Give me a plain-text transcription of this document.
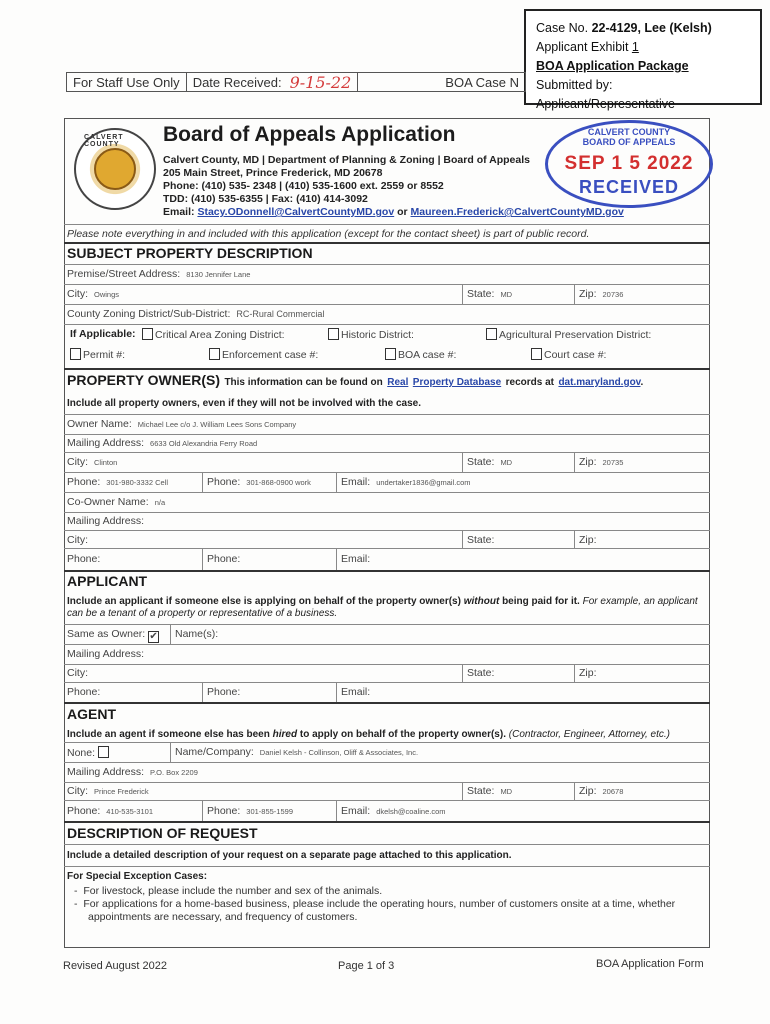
Case No. 22-4129, Lee (Kelsh)
Applicant Exhibit 1
BOA Application Package
Submitted by: Applicant/Representative
For Staff Use Only	Date Received: 9-15-22	BOA Case N
CALVERT COUNTY	Board of Appeals Application
Calvert County, MD | Department of Planning & Zoning | Board of Appeals
205 Main Street, Prince Frederick, MD 20678
Phone: (410) 535- 2348 | (410) 535-1600 ext. 2559 or 8552
TDD: (410) 535-6355 | Fax: (410) 414-3092
Email: Stacy.ODonnell@CalvertCountyMD.gov or Maureen.Frederick@CalvertCountyMD.gov
CALVERT COUNTY
BOARD OF APPEALS
SEP 1 5 2022
RECEIVED
Please note everything in and included with this application (except for the contact sheet) is part of public record.
SUBJECT PROPERTY DESCRIPTION
Premise/Street Address: 8130 Jennifer Lane
City: Owings	State: MD	Zip: 20736
County Zoning District/Sub-District: RC-Rural Commercial
If Applicable:	Critical Area Zoning District:	Historic District:	Agricultural Preservation District:
Permit #:	Enforcement case #:	BOA case #:	Court case #:
PROPERTY OWNER(S) This information can be found on Real Property Database records at dat.maryland.gov.
Include all property owners, even if they will not be involved with the case.
Owner Name: Michael Lee c/o J. William Lees Sons Company
Mailing Address: 6633 Old Alexandria Ferry Road
City: Clinton	State: MD	Zip: 20735
Phone: 301-980-3332 Cell	Phone: 301-868-0900 work	Email: undertaker1836@gmail.com
Co-Owner Name: n/a
Mailing Address:
City:	State:	Zip:
Phone:	Phone:	Email:
APPLICANT
Include an applicant if someone else is applying on behalf of the property owner(s) without being paid for it. For example, an applicant can be a tenant of a property or representative of a business.
Same as Owner: ✔	Name(s):
Mailing Address:
City:	State:	Zip:
Phone:	Phone:	Email:
AGENT
Include an agent if someone else has been hired to apply on behalf of the property owner(s). (Contractor, Engineer, Attorney, etc.)
None:	Name/Company: Daniel Kelsh - Collinson, Oliff & Associates, Inc.
Mailing Address: P.O. Box 2209
City: Prince Frederick	State: MD	Zip: 20678
Phone: 410-535-3101	Phone: 301-855-1599	Email: dkelsh@coaline.com
DESCRIPTION OF REQUEST
Include a detailed description of your request on a separate page attached to this application.
For Special Exception Cases:
-  For livestock, please include the number and sex of the animals.
-  For applications for a home-based business, please include the operating hours, number of customers onsite at a time, whether appointments are necessary, and frequency of customers.
Revised August 2022	Page 1 of 3	BOA Application Form
